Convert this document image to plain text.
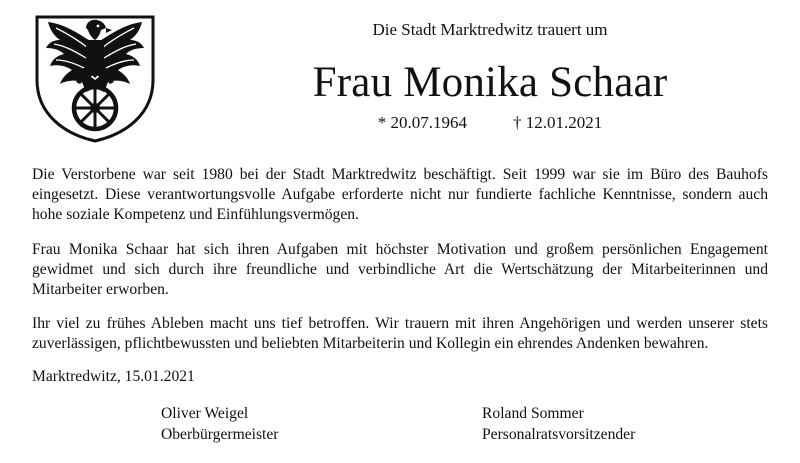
Die Stadt Marktredwitz trauert um
Frau Monika Schaar
* 20.07.1964	† 12.01.2021

Die Verstorbene war seit 1980 bei der Stadt Marktredwitz beschäftigt. Seit 1999 war sie im Büro des Bauhofs eingesetzt. Diese verantwortungsvolle Aufgabe erforderte nicht nur fundierte fachliche Kenntnisse, sondern auch hohe soziale Kompetenz und Einfühlungsvermögen.

Frau Monika Schaar hat sich ihren Aufgaben mit höchster Motivation und großem persönlichen Engagement gewidmet und sich durch ihre freundliche und verbindliche Art die Wertschätzung der Mitarbeiterinnen und Mitarbeiter erworben.

Ihr viel zu frühes Ableben macht uns tief betroffen. Wir trauern mit ihren Angehörigen und werden unserer stets zuverlässigen, pflichtbewussten und beliebten Mitarbeiterin und Kollegin ein ehrendes Andenken bewahren.

Marktredwitz, 15.01.2021
Oliver Weigel
Oberbürgermeister
Roland Sommer
Personalratsvorsitzender
